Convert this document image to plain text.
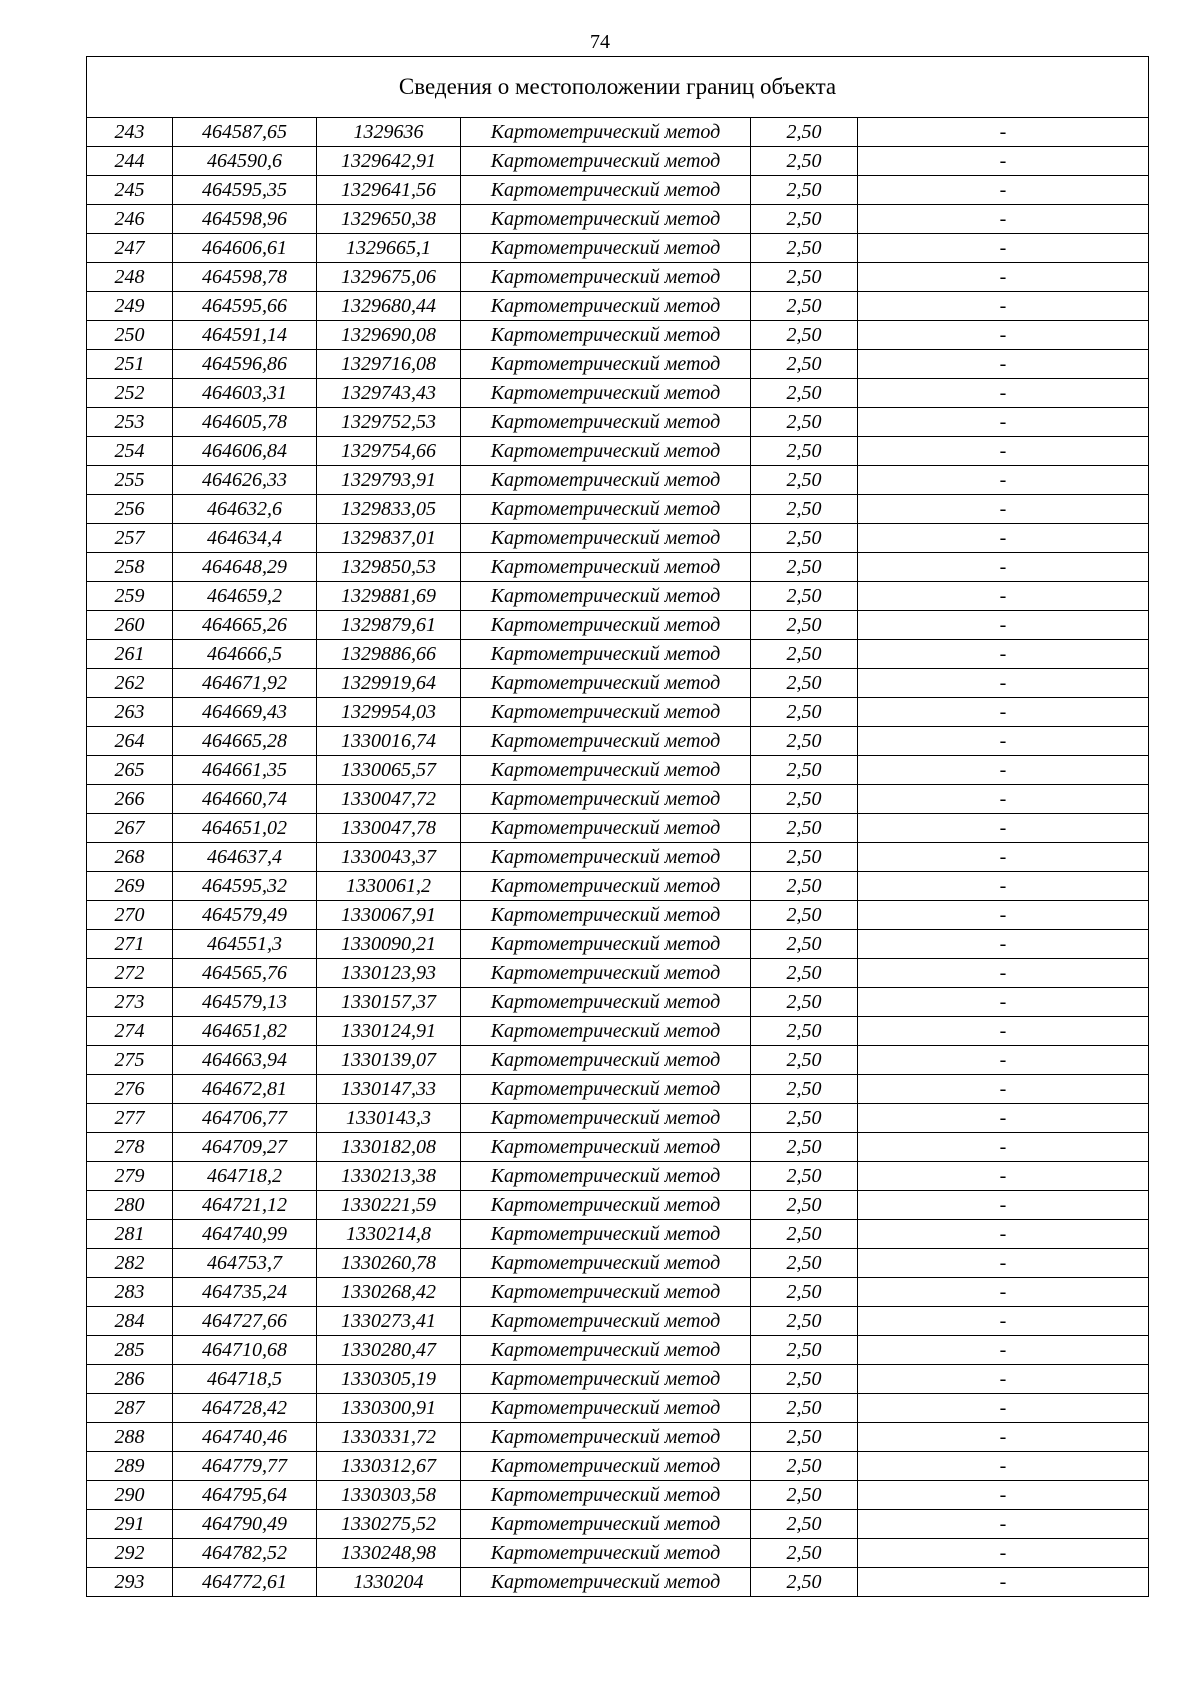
74
Сведения о местоположении границ объекта					
243	464587,65	1329636	Картометрический метод	2,50	-
244	464590,6	1329642,91	Картометрический метод	2,50	-
245	464595,35	1329641,56	Картометрический метод	2,50	-
246	464598,96	1329650,38	Картометрический метод	2,50	-
247	464606,61	1329665,1	Картометрический метод	2,50	-
248	464598,78	1329675,06	Картометрический метод	2,50	-
249	464595,66	1329680,44	Картометрический метод	2,50	-
250	464591,14	1329690,08	Картометрический метод	2,50	-
251	464596,86	1329716,08	Картометрический метод	2,50	-
252	464603,31	1329743,43	Картометрический метод	2,50	-
253	464605,78	1329752,53	Картометрический метод	2,50	-
254	464606,84	1329754,66	Картометрический метод	2,50	-
255	464626,33	1329793,91	Картометрический метод	2,50	-
256	464632,6	1329833,05	Картометрический метод	2,50	-
257	464634,4	1329837,01	Картометрический метод	2,50	-
258	464648,29	1329850,53	Картометрический метод	2,50	-
259	464659,2	1329881,69	Картометрический метод	2,50	-
260	464665,26	1329879,61	Картометрический метод	2,50	-
261	464666,5	1329886,66	Картометрический метод	2,50	-
262	464671,92	1329919,64	Картометрический метод	2,50	-
263	464669,43	1329954,03	Картометрический метод	2,50	-
264	464665,28	1330016,74	Картометрический метод	2,50	-
265	464661,35	1330065,57	Картометрический метод	2,50	-
266	464660,74	1330047,72	Картометрический метод	2,50	-
267	464651,02	1330047,78	Картометрический метод	2,50	-
268	464637,4	1330043,37	Картометрический метод	2,50	-
269	464595,32	1330061,2	Картометрический метод	2,50	-
270	464579,49	1330067,91	Картометрический метод	2,50	-
271	464551,3	1330090,21	Картометрический метод	2,50	-
272	464565,76	1330123,93	Картометрический метод	2,50	-
273	464579,13	1330157,37	Картометрический метод	2,50	-
274	464651,82	1330124,91	Картометрический метод	2,50	-
275	464663,94	1330139,07	Картометрический метод	2,50	-
276	464672,81	1330147,33	Картометрический метод	2,50	-
277	464706,77	1330143,3	Картометрический метод	2,50	-
278	464709,27	1330182,08	Картометрический метод	2,50	-
279	464718,2	1330213,38	Картометрический метод	2,50	-
280	464721,12	1330221,59	Картометрический метод	2,50	-
281	464740,99	1330214,8	Картометрический метод	2,50	-
282	464753,7	1330260,78	Картометрический метод	2,50	-
283	464735,24	1330268,42	Картометрический метод	2,50	-
284	464727,66	1330273,41	Картометрический метод	2,50	-
285	464710,68	1330280,47	Картометрический метод	2,50	-
286	464718,5	1330305,19	Картометрический метод	2,50	-
287	464728,42	1330300,91	Картометрический метод	2,50	-
288	464740,46	1330331,72	Картометрический метод	2,50	-
289	464779,77	1330312,67	Картометрический метод	2,50	-
290	464795,64	1330303,58	Картометрический метод	2,50	-
291	464790,49	1330275,52	Картометрический метод	2,50	-
292	464782,52	1330248,98	Картометрический метод	2,50	-
293	464772,61	1330204	Картометрический метод	2,50	-
